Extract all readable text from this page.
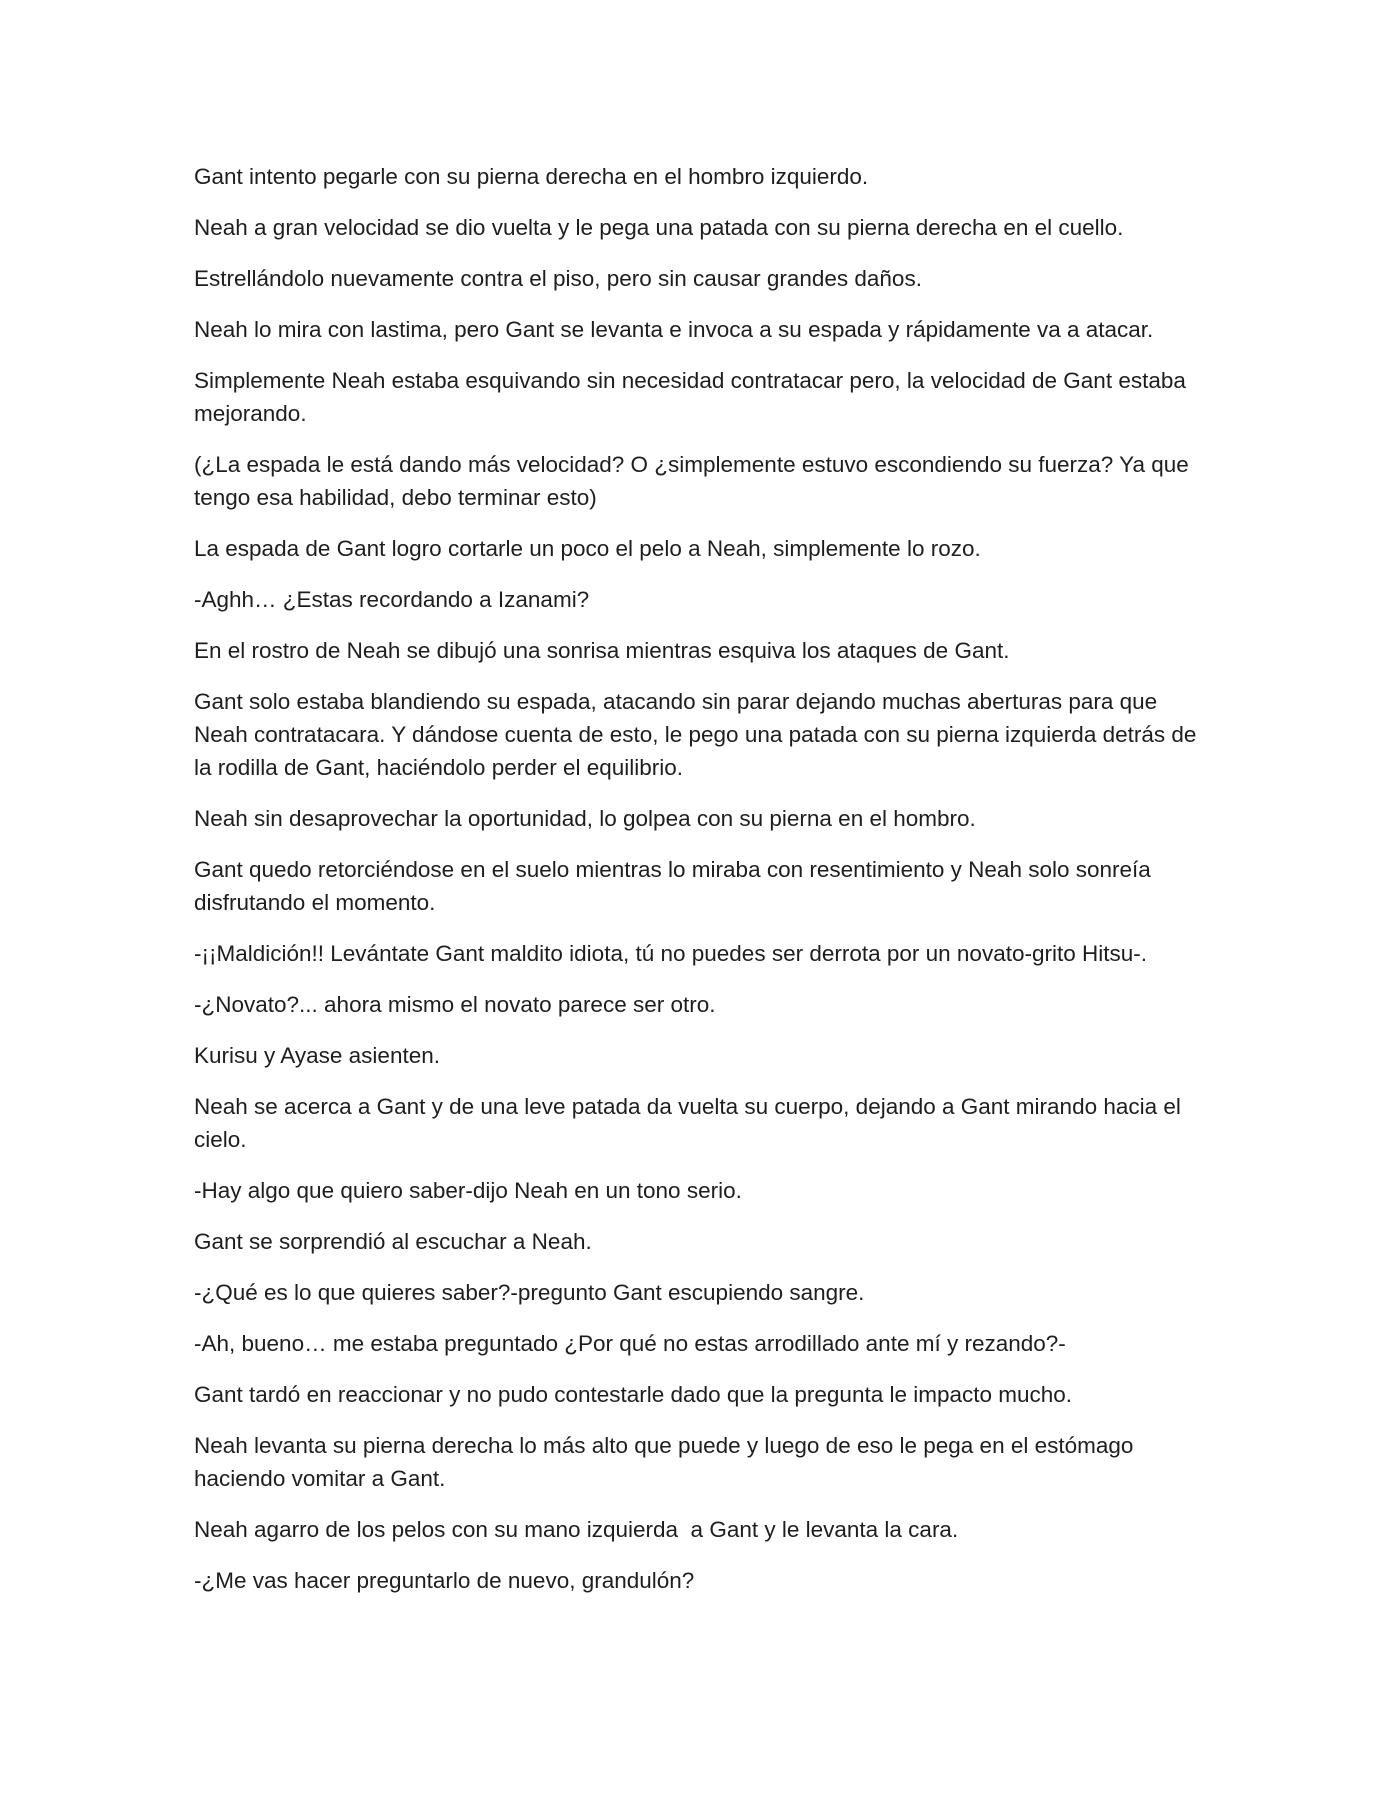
Gant intento pegarle con su pierna derecha en el hombro izquierdo.

Neah a gran velocidad se dio vuelta y le pega una patada con su pierna derecha en el cuello.

Estrellándolo nuevamente contra el piso, pero sin causar grandes daños.

Neah lo mira con lastima, pero Gant se levanta e invoca a su espada y rápidamente va a atacar.

Simplemente Neah estaba esquivando sin necesidad contratacar pero, la velocidad de Gant estaba mejorando.

(¿La espada le está dando más velocidad? O ¿simplemente estuvo escondiendo su fuerza? Ya que tengo esa habilidad, debo terminar esto)

La espada de Gant logro cortarle un poco el pelo a Neah, simplemente lo rozo.

-Aghh… ¿Estas recordando a Izanami?

En el rostro de Neah se dibujó una sonrisa mientras esquiva los ataques de Gant.

Gant solo estaba blandiendo su espada, atacando sin parar dejando muchas aberturas para que Neah contratacara. Y dándose cuenta de esto, le pego una patada con su pierna izquierda detrás de la rodilla de Gant, haciéndolo perder el equilibrio.

Neah sin desaprovechar la oportunidad, lo golpea con su pierna en el hombro.

Gant quedo retorciéndose en el suelo mientras lo miraba con resentimiento y Neah solo sonreía disfrutando el momento.

-¡¡Maldición!! Levántate Gant maldito idiota, tú no puedes ser derrota por un novato-grito Hitsu-.

-¿Novato?... ahora mismo el novato parece ser otro.

Kurisu y Ayase asienten.

Neah se acerca a Gant y de una leve patada da vuelta su cuerpo, dejando a Gant mirando hacia el cielo.

-Hay algo que quiero saber-dijo Neah en un tono serio.

Gant se sorprendió al escuchar a Neah.

-¿Qué es lo que quieres saber?-pregunto Gant escupiendo sangre.

-Ah, bueno… me estaba preguntado ¿Por qué no estas arrodillado ante mí y rezando?-

Gant tardó en reaccionar y no pudo contestarle dado que la pregunta le impacto mucho.

Neah levanta su pierna derecha lo más alto que puede y luego de eso le pega en el estómago haciendo vomitar a Gant.

Neah agarro de los pelos con su mano izquierda  a Gant y le levanta la cara.

-¿Me vas hacer preguntarlo de nuevo, grandulón?
